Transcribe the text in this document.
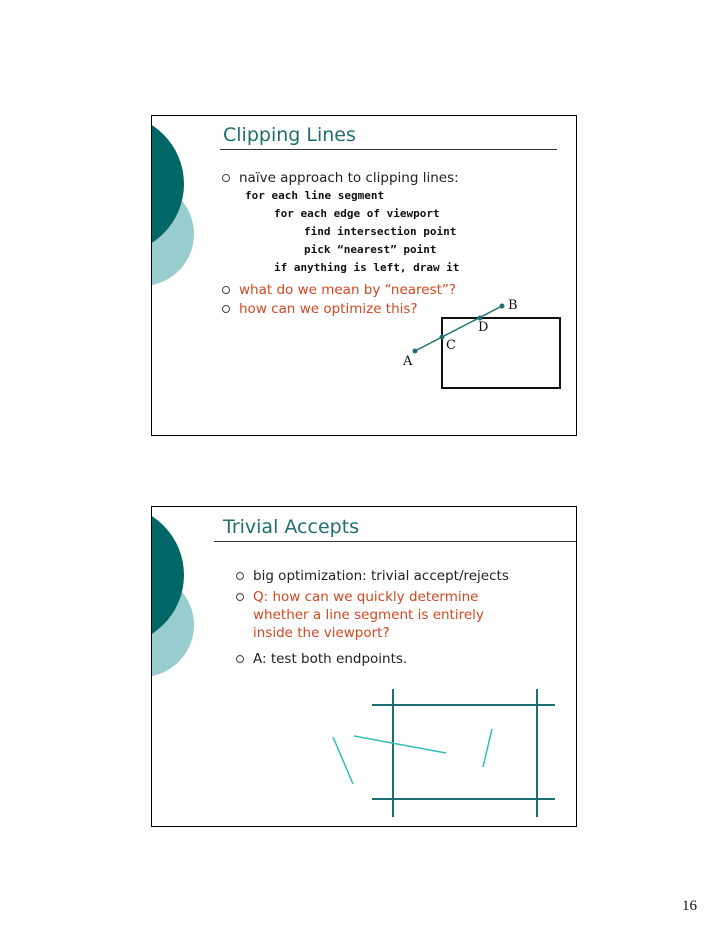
Clipping Lines
naïve approach to clipping lines:
for each line segment
for each edge of viewport
find intersection point
pick “nearest” point
if anything is left, draw it
what do we mean by “nearest”?
how can we optimize this?
A
B
C
D
Trivial Accepts
big optimization: trivial accept/rejects
Q: how can we quickly determine
whether a line segment is entirely
inside the viewport?
A: test both endpoints.
16
